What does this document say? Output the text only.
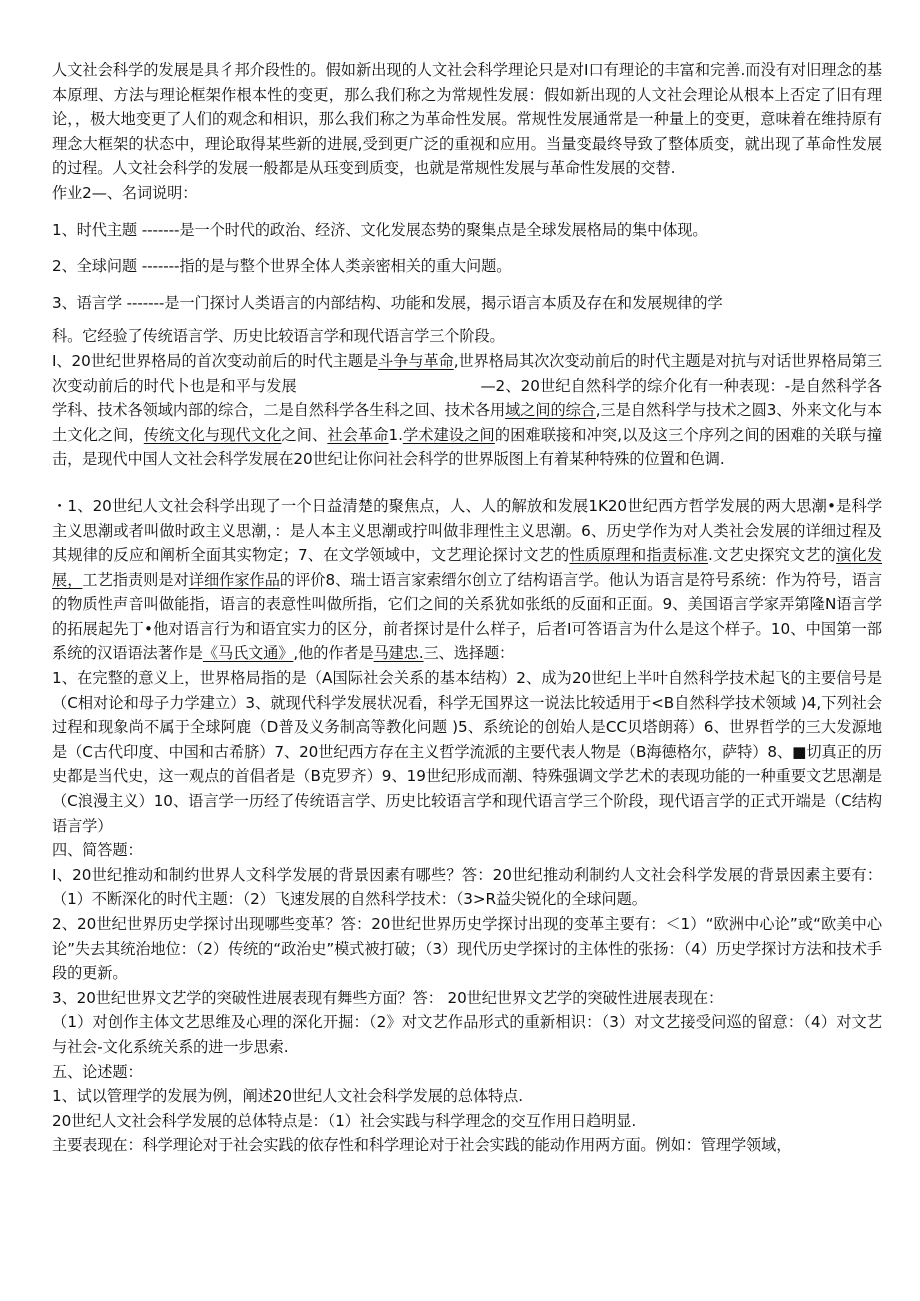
人文社会科学的发展是具彳邦介段性的。假如新出现的人文社会科学理论只是对Ⅰ口有理论的丰富和完善.而没有对旧理念的基本原理、方法与理论框架作根本性的变更，那么我们称之为常规性发展：假如新出现的人文社会理论从根本上否定了旧有理论，，极大地变更了人们的观念和相识，那么我们称之为革命性发展。常规性发展通常是一种量上的变更，意味着在维持原有理念大框架的状态中，理论取得某些新的进展,受到更广泛的重视和应用。当量变最终导致了整体质变，就出现了革命性发展的过程。人文社会科学的发展一般都是从珏变到质变，也就是常规性发展与革命性发展的交替.

作业2—、名词说明：

1、时代主题 -------是一个时代的政治、经济、文化发展态势的聚集点是全球发展格局的集中体现。

2、全球问题 -------指的是与整个世界全体人类亲密相关的重大问题。

3、语言学 -------是一门探讨人类语言的内部结构、功能和发展，揭示语言本质及存在和发展规律的学

科。它经验了传统语言学、历史比较语言学和现代语言学三个阶段。

I、20世纪世界格局的首次变动前后的时代主题是斗争与革命,世界格局其次次变动前后的时代主题是对抗与对话世界格局第三次变动前后的时代卜也是和平与发展　　　　　　　　　　　　	—2、20世纪自然科学的综介化有一种表现：-是自然科学各学科、技术各领域内部的综合，二是自然科学各生科之回、技术各用域之间的综合,三是自然科学与技术之圆3、外来文化与本土文化之间，传统文化与现代文化之间、社会革命1.学术建设之间的困难联接和冲突,以及这三个序列之间的困难的关联与撞击，是现代中国人文社会科学发展在20世纪让你问社会科学的世界版图上有着某种特殊的位置和色调.

・1、20世纪人文社会科学出现了一个日益清楚的聚焦点，人、人的解放和发展1K20世纪西方哲学发展的两大思潮•是科学主义思潮或者叫做时政主义思潮，：是人本主义思潮或拧叫做非理性主义思潮。6、历史学作为对人类社会发展的详细过程及其规律的反应和阐析全面其实物定；7、在文学领域中，文艺理论探讨文艺的性质原理和指责标准.文艺史探究文艺的演化发展，工艺指责则是对详细作家作品的评价8、瑞士语言家索缙尔创立了结构语言学。他认为语言是符号系统：作为符号，语言的物质性声音叫做能指，语言的表意性叫做所指，它们之间的关系犹如张纸的反面和正面。9、美国语言学家弄第隆N语言学的拓展起先丁•他对语言行为和语宜实力的区分，前者探讨是什么样子，后者Ⅰ可答语言为什么是这个样子。10、中国第一部系统的汉语语法著作是《马氏文通》,他的作者是马建忠.三、选择题：

1、在完整的意义上，世界格局指的是（A国际社会关系的基本结构）2、成为20世纪上半叶自然科学技术起飞的主要信号是（C相对论和母子力学建立）3、就现代科学发展状况看，科学无国界这一说法比较适用于<B自然科学技术领域 )4,下列社会过程和现象尚不属于全球阿鹿（D普及义务制高等教化问题 )5、系统论的创始人是CC贝塔朗蒋）6、世界哲学的三大发源地是（C古代印度、中国和古希脐）7、20世纪西方存在主义哲学流派的主要代表人物是（B海德格尔，萨特）8、■切真正的历史都是当代史，这一观点的首倡者是（B克罗齐）9、19世纪形成而潮、特殊强调文学艺术的表现功能的一种重要文艺思潮是（C浪漫主义）10、语言学一历经了传统语言学、历史比较语言学和现代语言学三个阶段，现代语言学的正式开端是（C结构语言学）

四、简答题：

I、20世纪推动和制约世界人文科学发展的背景因素有哪些？答：20世纪推动利制约人文社会科学发展的背景因素主要有：（1）不断深化的时代主题：（2）飞速发展的自然科学技术：（3>R益尖锐化的全球问题。

2、20世纪世界历史学探讨出现哪些变革？答：20世纪世界历史学探讨出现的变革主要有：＜1）“欧洲中心论”或“欧美中心论”失去其统治地位：（2）传统的“政治史”模式被打破；（3）现代历史学探讨的主体性的张扬：（4）历史学探讨方法和技术手段的更新。

3、20世纪世界文艺学的突破性进展表现有舞些方面？答： 20世纪世界文艺学的突破性进展表现在：

（1）对创作主体文艺思维及心理的深化开掘：（2》对文艺作品形式的重新相识：（3）对文艺接受问巡的留意：（4）对文艺与社会-文化系统关系的进一步思索.

五、论述题：

1、试以管理学的发展为例，阐述20世纪人文社会科学发展的总体特点.

20世纪人文社会科学发展的总体特点是：（1）社会实践与科学理念的交互作用日趋明显.

主要表现在：科学理论对于社会实践的依存性和科学理论对于社会实践的能动作用两方面。例如：管理学领域，
